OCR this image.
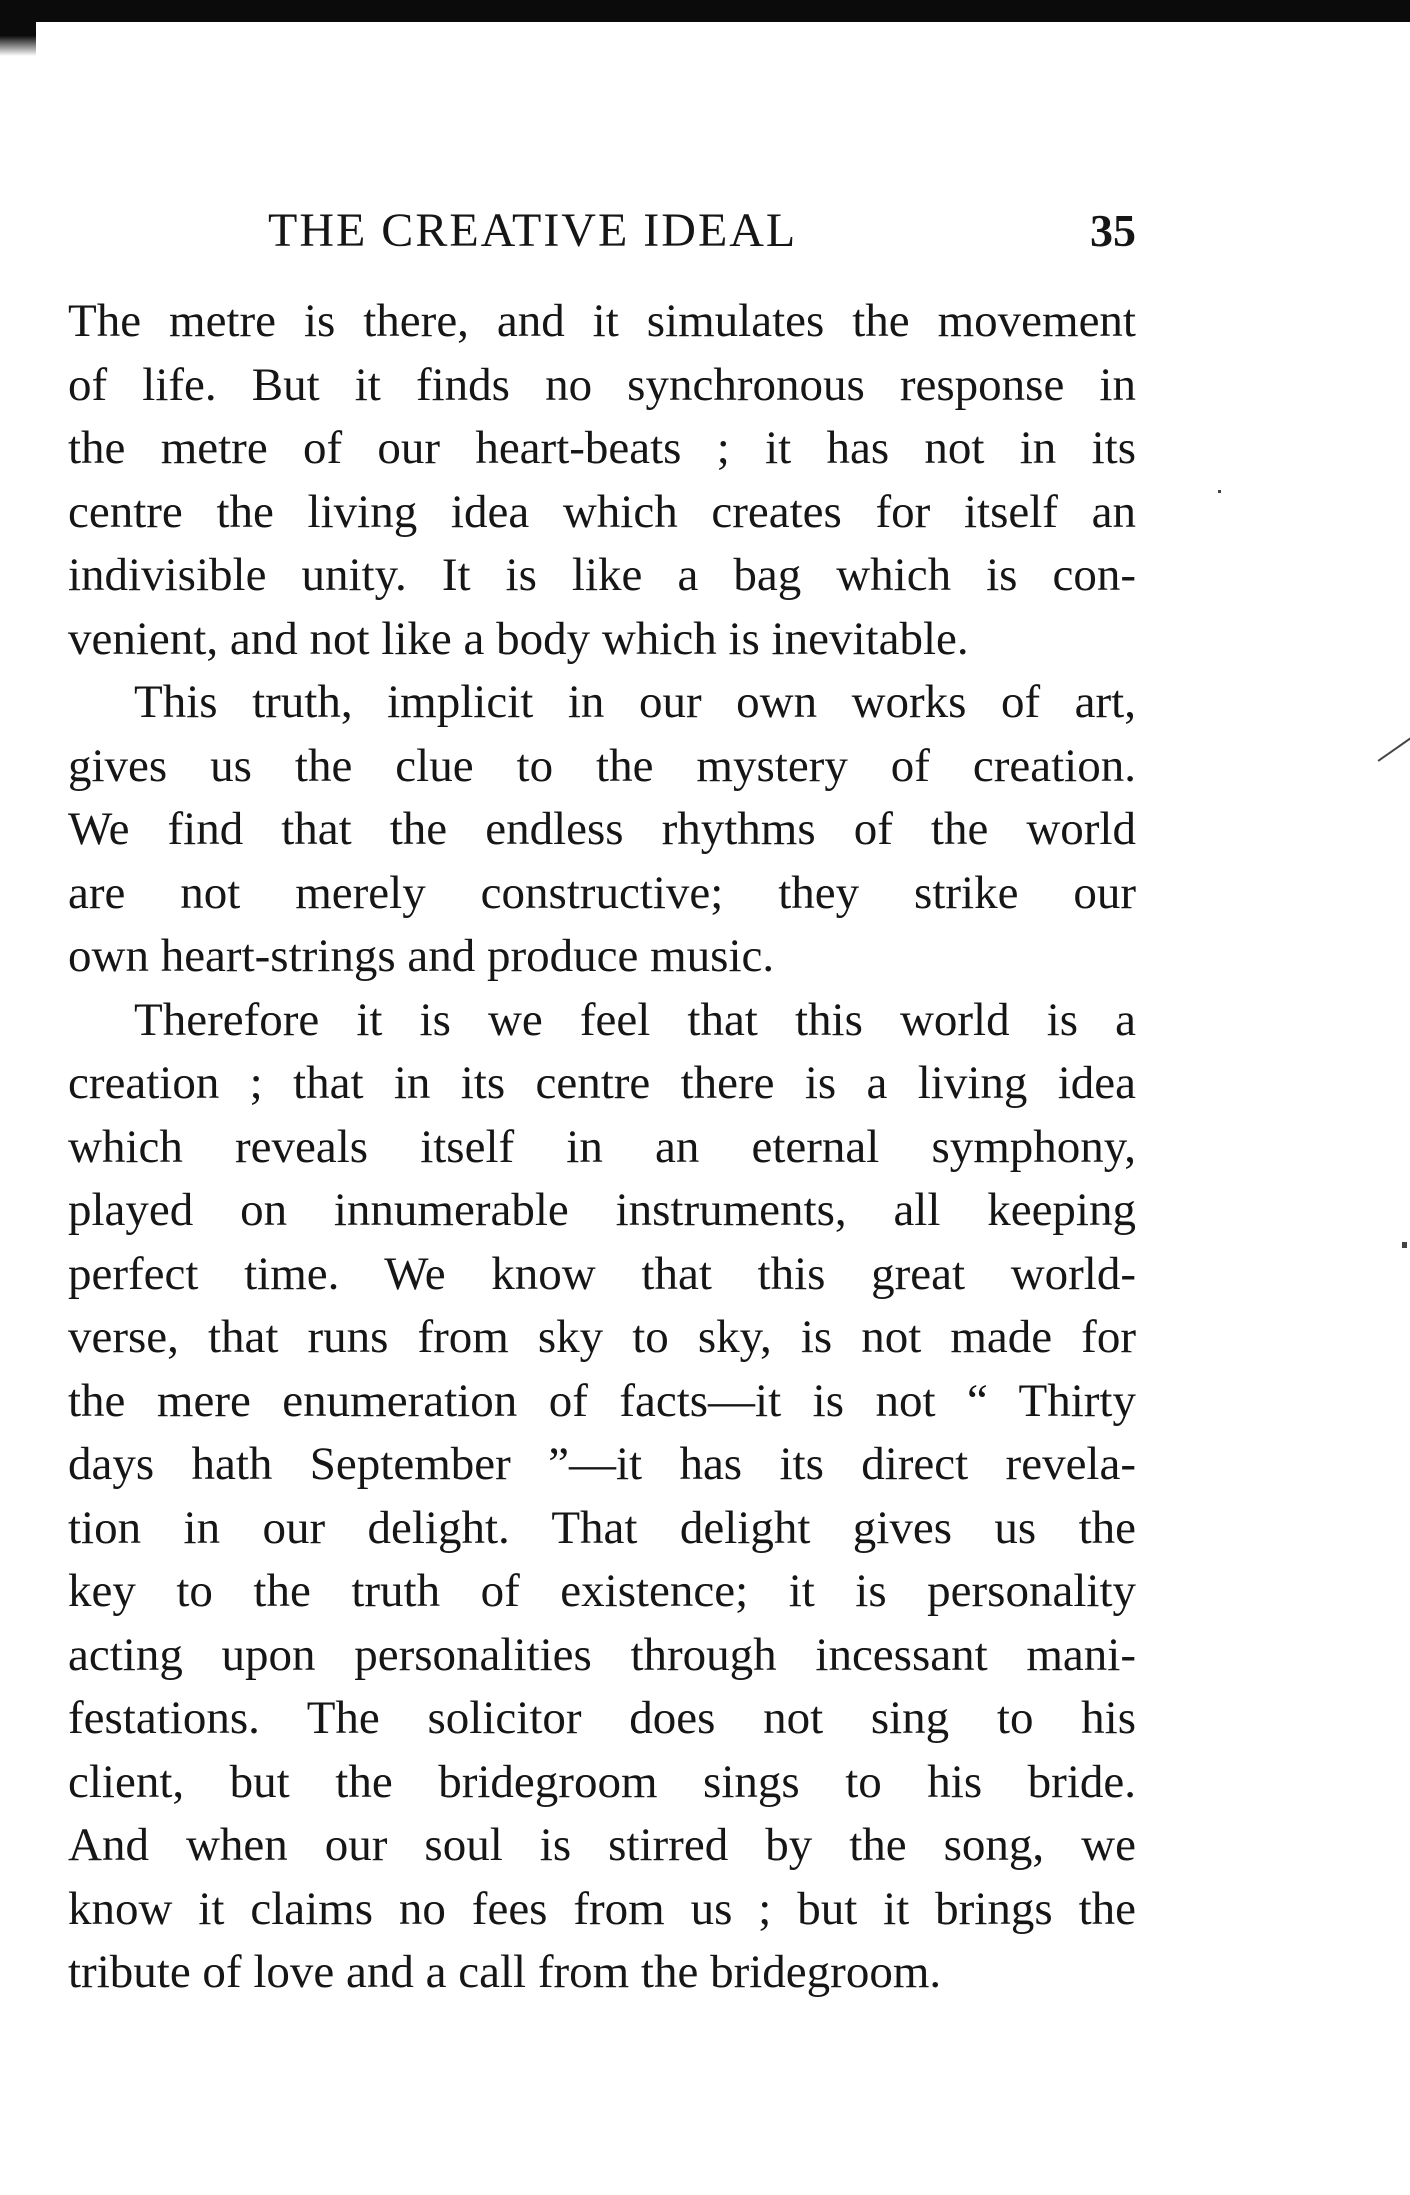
THE CREATIVE IDEAL	35
The metre is there, and it simulates the movement
of life. But it finds no synchronous response in
the metre of our heart-beats ; it has not in its
centre the living idea which creates for itself an
indivisible unity. It is like a bag which is con-
venient, and not like a body which is inevitable.
This truth, implicit in our own works of art,
gives us the clue to the mystery of creation.
We find that the endless rhythms of the world
are not merely constructive; they strike our
own heart-strings and produce music.
Therefore it is we feel that this world is a
creation ; that in its centre there is a living idea
which reveals itself in an eternal symphony,
played on innumerable instruments, all keeping
perfect time. We know that this great world-
verse, that runs from sky to sky, is not made for
the mere enumeration of facts—it is not “ Thirty
days hath September ”—it has its direct revela-
tion in our delight. That delight gives us the
key to the truth of existence; it is personality
acting upon personalities through incessant mani-
festations. The solicitor does not sing to his
client, but the bridegroom sings to his bride.
And when our soul is stirred by the song, we
know it claims no fees from us ; but it brings the
tribute of love and a call from the bridegroom.
